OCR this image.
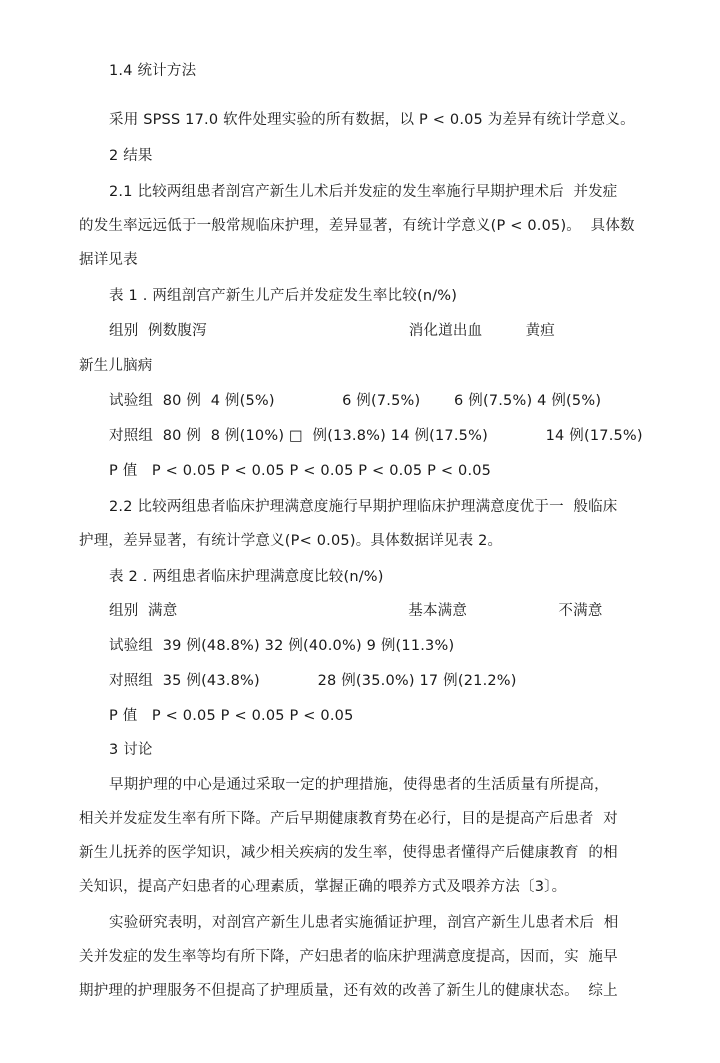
1.4 统计方法
采用 SPSS 17.0 软件处理实验的所有数据，以 P < 0.05 为差异有统计学意义。
2 结果
2.1 比较两组患者剖宫产新生儿术后并发症的发生率施行早期护理术后  并发症
的发生率远远低于一般常规临床护理，差异显著，有统计学意义(P < 0.05)。  具体数
据详见表
表 1 . 两组剖宫产新生儿产后并发症发生率比较(n/%)
组别  例数腹泻                                          消化道出血         黄疸
新生儿脑病
试验组  80 例  4 例(5%)              6 例(7.5%)       6 例(7.5%) 4 例(5%)
对照组  80 例  8 例(10%) □  例(13.8%) 14 例(17.5%)            14 例(17.5%)
P 值   P < 0.05 P < 0.05 P < 0.05 P < 0.05 P < 0.05
2.2 比较两组患者临床护理满意度施行早期护理临床护理满意度优于一  般临床
护理，差异显著，有统计学意义(P< 0.05)。具体数据详见表 2。
表 2 . 两组患者临床护理满意度比较(n/%)
组别  满意                                                基本满意                   不满意
试验组  39 例(48.8%) 32 例(40.0%) 9 例(11.3%)
对照组  35 例(43.8%)            28 例(35.0%) 17 例(21.2%)
P 值   P < 0.05 P < 0.05 P < 0.05
3 讨论
早期护理的中心是通过采取一定的护理措施，使得患者的生活质量有所提高，
相关并发症发生率有所下降。产后早期健康教育势在必行，目的是提高产后患者  对
新生儿抚养的医学知识，减少相关疾病的发生率，使得患者懂得产后健康教育  的相
关知识，提高产妇患者的心理素质，掌握正确的喂养方式及喂养方法〔3〕。
实验研究表明，对剖宫产新生儿患者实施循证护理，剖宫产新生儿患者术后  相
关并发症的发生率等均有所下降，产妇患者的临床护理满意度提高，因而，实  施早
期护理的护理服务不但提高了护理质量，还有效的改善了新生儿的健康状态。  综上
